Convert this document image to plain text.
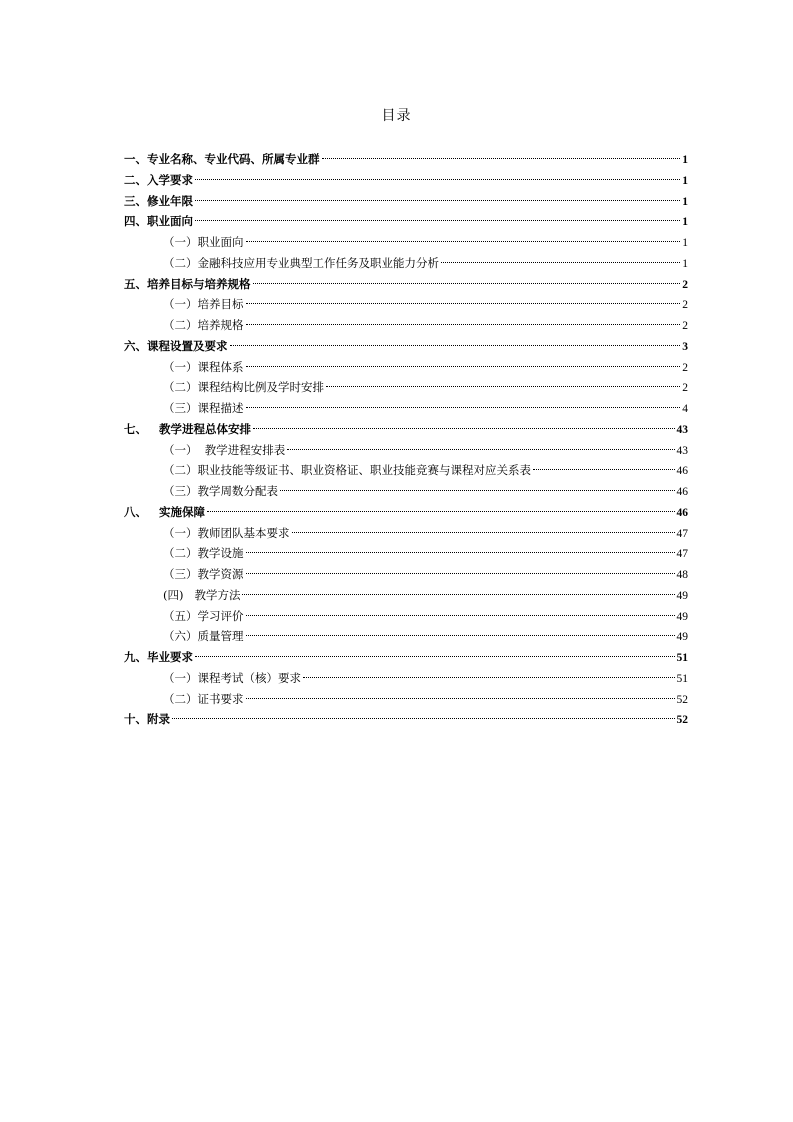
目录
一、专业名称、专业代码、所属专业群	1
二、入学要求	1
三、修业年限	1
四、职业面向	1
（一）职业面向	1
（二）金融科技应用专业典型工作任务及职业能力分析	1
五、培养目标与培养规格	2
（一）培养目标	2
（二）培养规格	2
六、课程设置及要求	3
（一）课程体系	2
（二）课程结构比例及学时安排	2
（三）课程描述	4
七、   教学进程总体安排	43
（一）  教学进程安排表	43
（二）职业技能等级证书、职业资格证、职业技能竞赛与课程对应关系表	46
（三）教学周数分配表	46
八、   实施保障	46
（一）教师团队基本要求	47
（二）教学设施	47
（三）教学资源	48
(四)   教学方法	49
（五）学习评价	49
（六）质量管理	49
九、毕业要求	51
（一）课程考试（核）要求	51
（二）证书要求	52
十、附录	52
